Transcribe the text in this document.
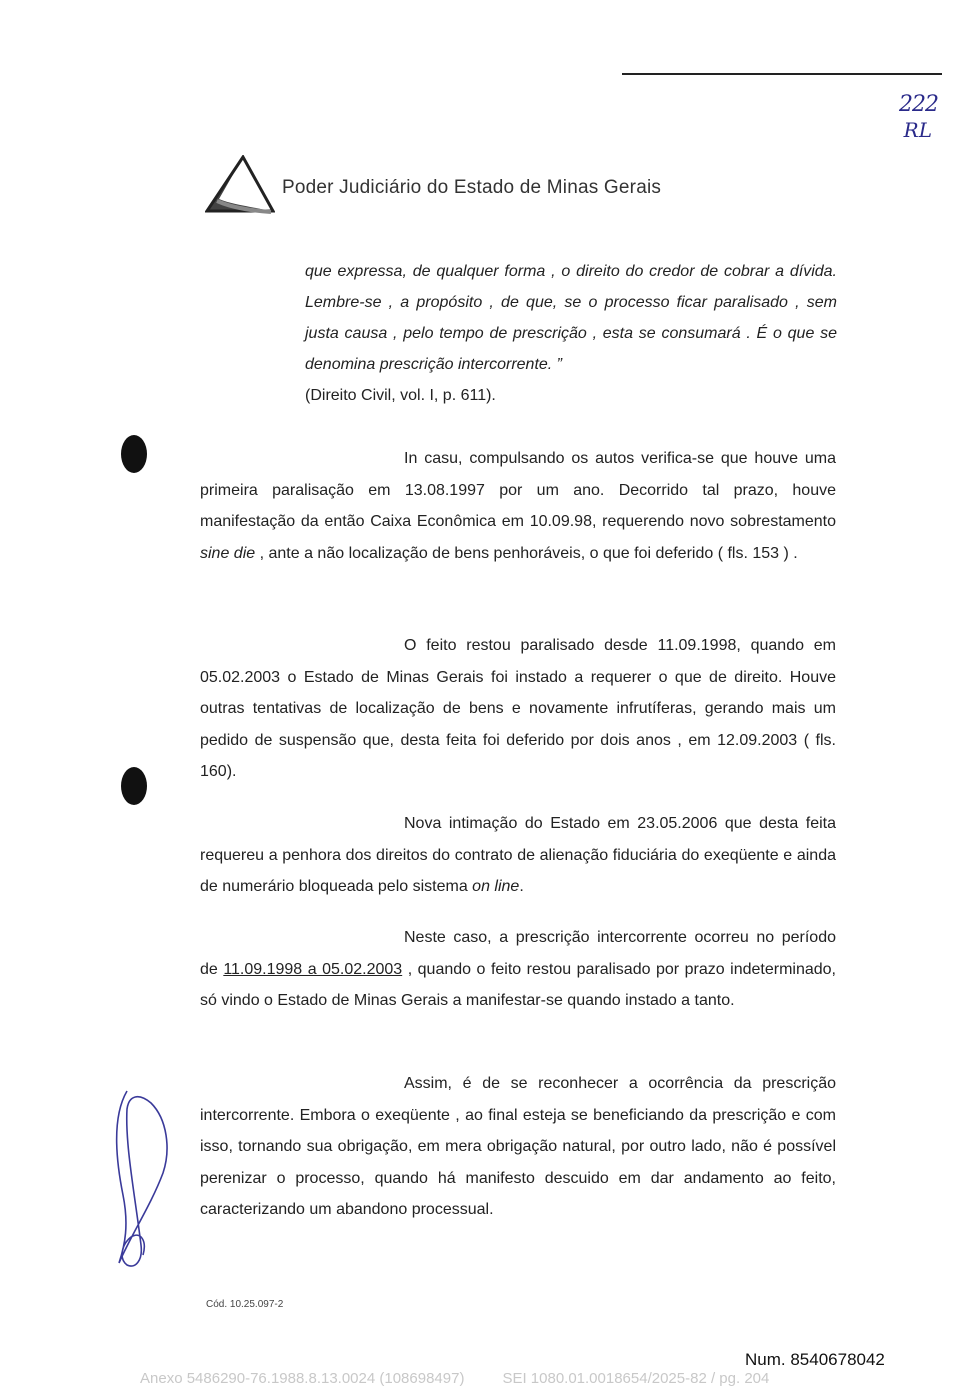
222
RL
Poder Judiciário do Estado de Minas Gerais
que expressa, de qualquer forma , o direito do credor de cobrar a dívida. Lembre-se , a propósito , de que, se o processo ficar paralisado , sem justa causa , pelo tempo de prescrição , esta se consumará . É o que se denomina prescrição intercorrente. ”
(Direito Civil, vol. I, p. 611).
In casu, compulsando os autos verifica-se que houve uma primeira paralisação em 13.08.1997 por um ano. Decorrido tal prazo, houve manifestação da então Caixa Econômica em 10.09.98, requerendo novo sobrestamento sine die , ante a não localização de bens penhoráveis, o que foi deferido ( fls. 153 ) .
O feito restou paralisado desde 11.09.1998, quando em 05.02.2003 o Estado de Minas Gerais foi instado a requerer o que de direito. Houve outras tentativas de localização de bens e novamente infrutíferas, gerando mais um pedido de suspensão que, desta feita foi deferido por dois anos , em 12.09.2003 ( fls. 160).
Nova intimação do Estado em 23.05.2006 que desta feita requereu a penhora dos direitos do contrato de alienação fiduciária do exeqüente e ainda de numerário bloqueada pelo sistema on line.
Neste caso, a prescrição intercorrente ocorreu no período de 11.09.1998 a 05.02.2003 , quando o feito restou paralisado por prazo indeterminado, só vindo o Estado de Minas Gerais a manifestar-se quando instado a tanto.
Assim, é de se reconhecer a ocorrência da prescrição intercorrente. Embora o exeqüente , ao final esteja se beneficiando da prescrição e com isso, tornando sua obrigação, em mera obrigação natural, por outro lado, não é possível perenizar o processo, quando há manifesto descuido em dar andamento ao feito, caracterizando um abandono processual.
Cód. 10.25.097-2
Num. 8540678042
Anexo 5486290-76.1988.8.13.0024 (108698497)	SEI 1080.01.0018654/2025-82 / pg. 204
